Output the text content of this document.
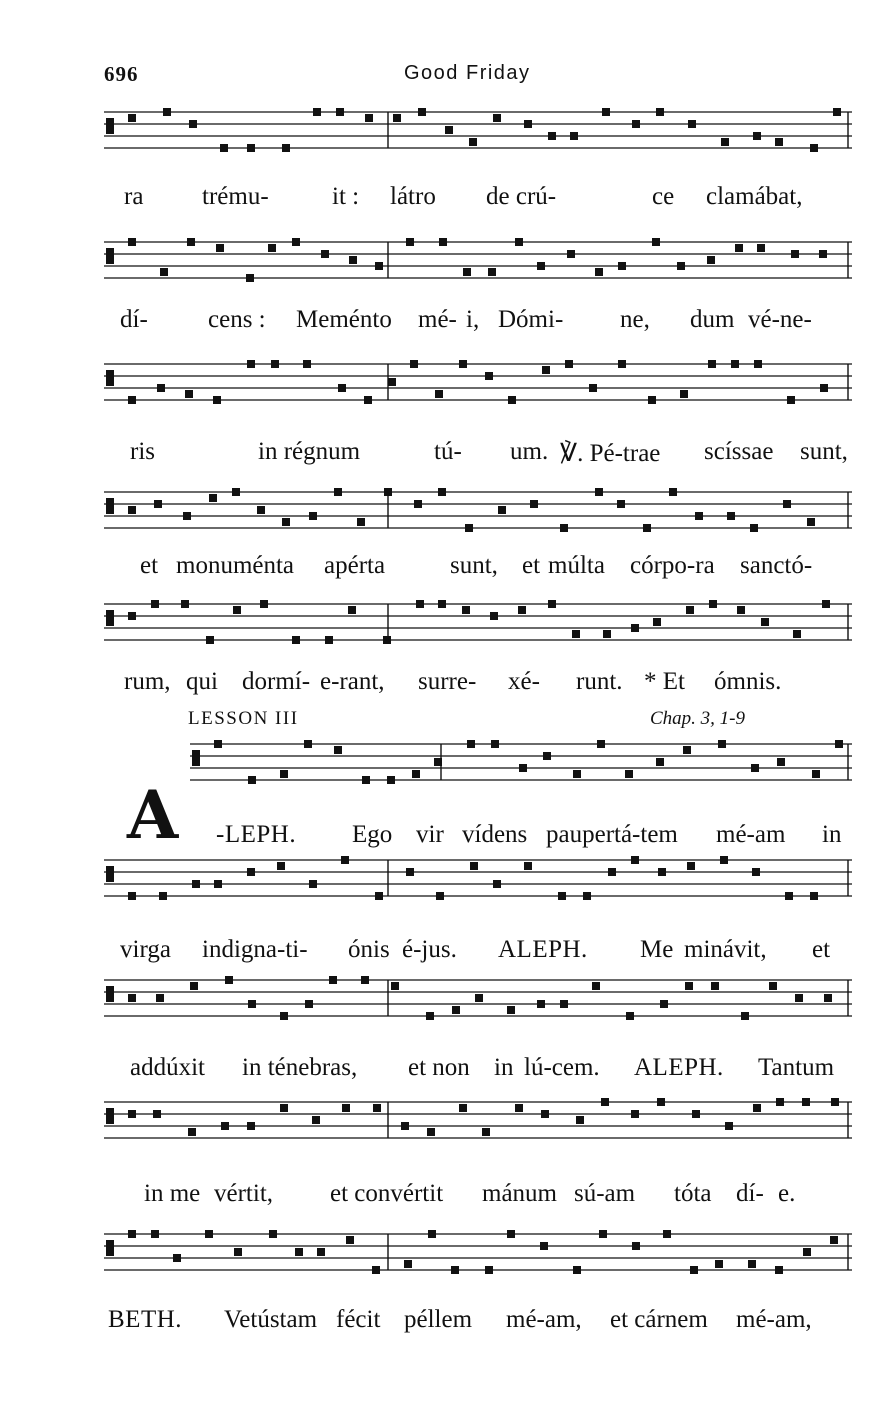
696	Good Friday
ra trému-	it : látro de crú-	ce clamábat,
dí- cens : Meménto mé- i, Dómi- ne, dum vé-ne-
ris	in régnum	tú- um. ℣. Pé-trae scíssae sunt,
et monuménta apérta	sunt, et múlta córpo-ra sanctó-
rum, qui dormí- e-rant, surre- xé- runt. * Et ómnis.
LESSON III	Chap. 3, 1-9
A -LEPH. Ego vir vídens paupertá-tem mé-am in
virga indigna-ti- ónis é-jus. ALEPH. Me minávit, et
addúxit in ténebras, et non in lú-cem. ALEPH. Tantum
in me vértit, et convértit mánum sú-am tóta dí- e.
BETH. Vetústam fécit péllem mé-am, et cárnem mé-am,
